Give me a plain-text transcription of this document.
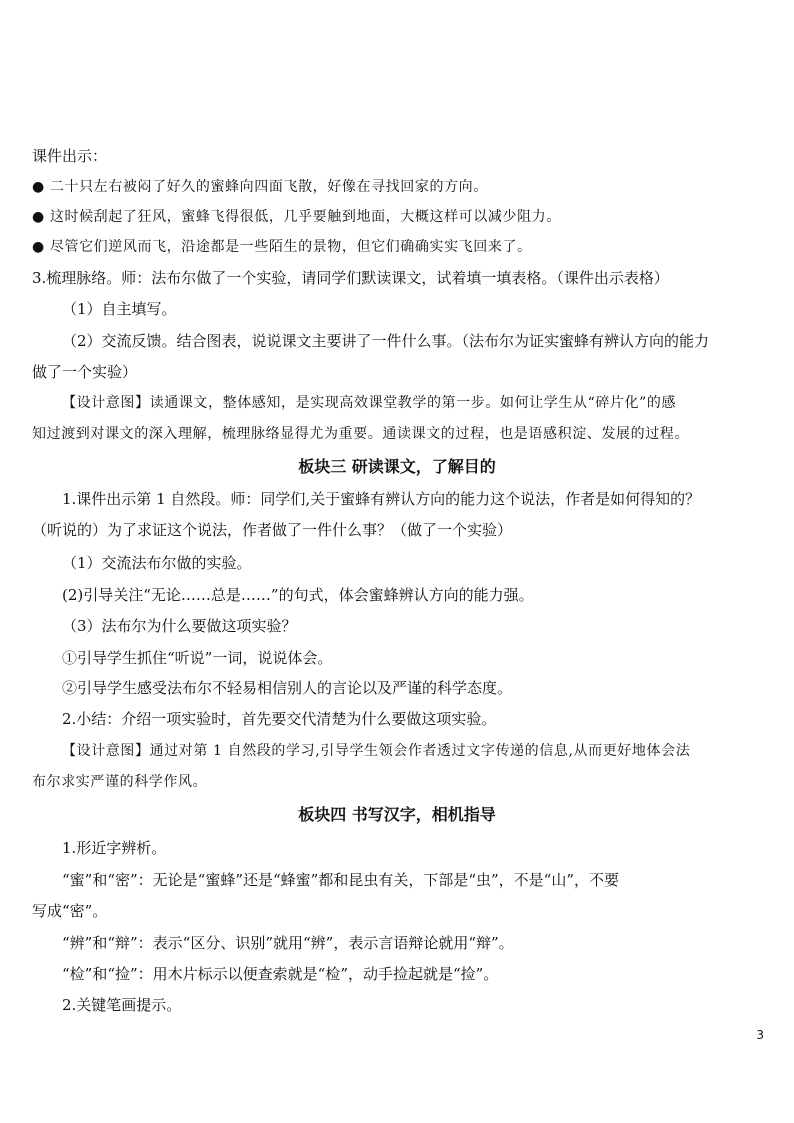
课件出示：
● 二十只左右被闷了好久的蜜蜂向四面飞散，好像在寻找回家的方向。
● 这时候刮起了狂风，蜜蜂飞得很低，几乎要触到地面，大概这样可以减少阻力。
● 尽管它们逆风而飞，沿途都是一些陌生的景物，但它们确确实实飞回来了。
3.梳理脉络。师：法布尔做了一个实验，请同学们默读课文，试着填一填表格。（课件出示表格）
（1）自主填写。
（2）交流反馈。结合图表，说说课文主要讲了一件什么事。（法布尔为证实蜜蜂有辨认方向的能力
做了一个实验）
【设计意图】读通课文，整体感知，是实现高效课堂教学的第一步。如何让学生从“碎片化”的感
知过渡到对课文的深入理解，梳理脉络显得尤为重要。通读课文的过程，也是语感积淀、发展的过程。
板块三 研读课文，了解目的
1.课件出示第 1 自然段。师：同学们,关于蜜蜂有辨认方向的能力这个说法，作者是如何得知的？
（听说的）为了求证这个说法，作者做了一件什么事？（做了一个实验）
（1）交流法布尔做的实验。
(2)引导关注“无论……总是……”的句式，体会蜜蜂辨认方向的能力强。
（3）法布尔为什么要做这项实验？
①引导学生抓住“听说”一词，说说体会。
②引导学生感受法布尔不轻易相信别人的言论以及严谨的科学态度。
2.小结：介绍一项实验时，首先要交代清楚为什么要做这项实验。
【设计意图】通过对第 1 自然段的学习,引导学生领会作者透过文字传递的信息,从而更好地体会法
布尔求实严谨的科学作风。
板块四 书写汉字，相机指导
1.形近字辨析。
“蜜”和“密”：无论是“蜜蜂”还是“蜂蜜”都和昆虫有关，下部是“虫”，不是“山”，不要
写成“密”。
“辨”和“辩”：表示“区分、识别”就用“辨”，表示言语辩论就用“辩”。
“检”和“捡”：用木片标示以便查索就是“检”，动手捡起就是“捡”。
2.关键笔画提示。
3
